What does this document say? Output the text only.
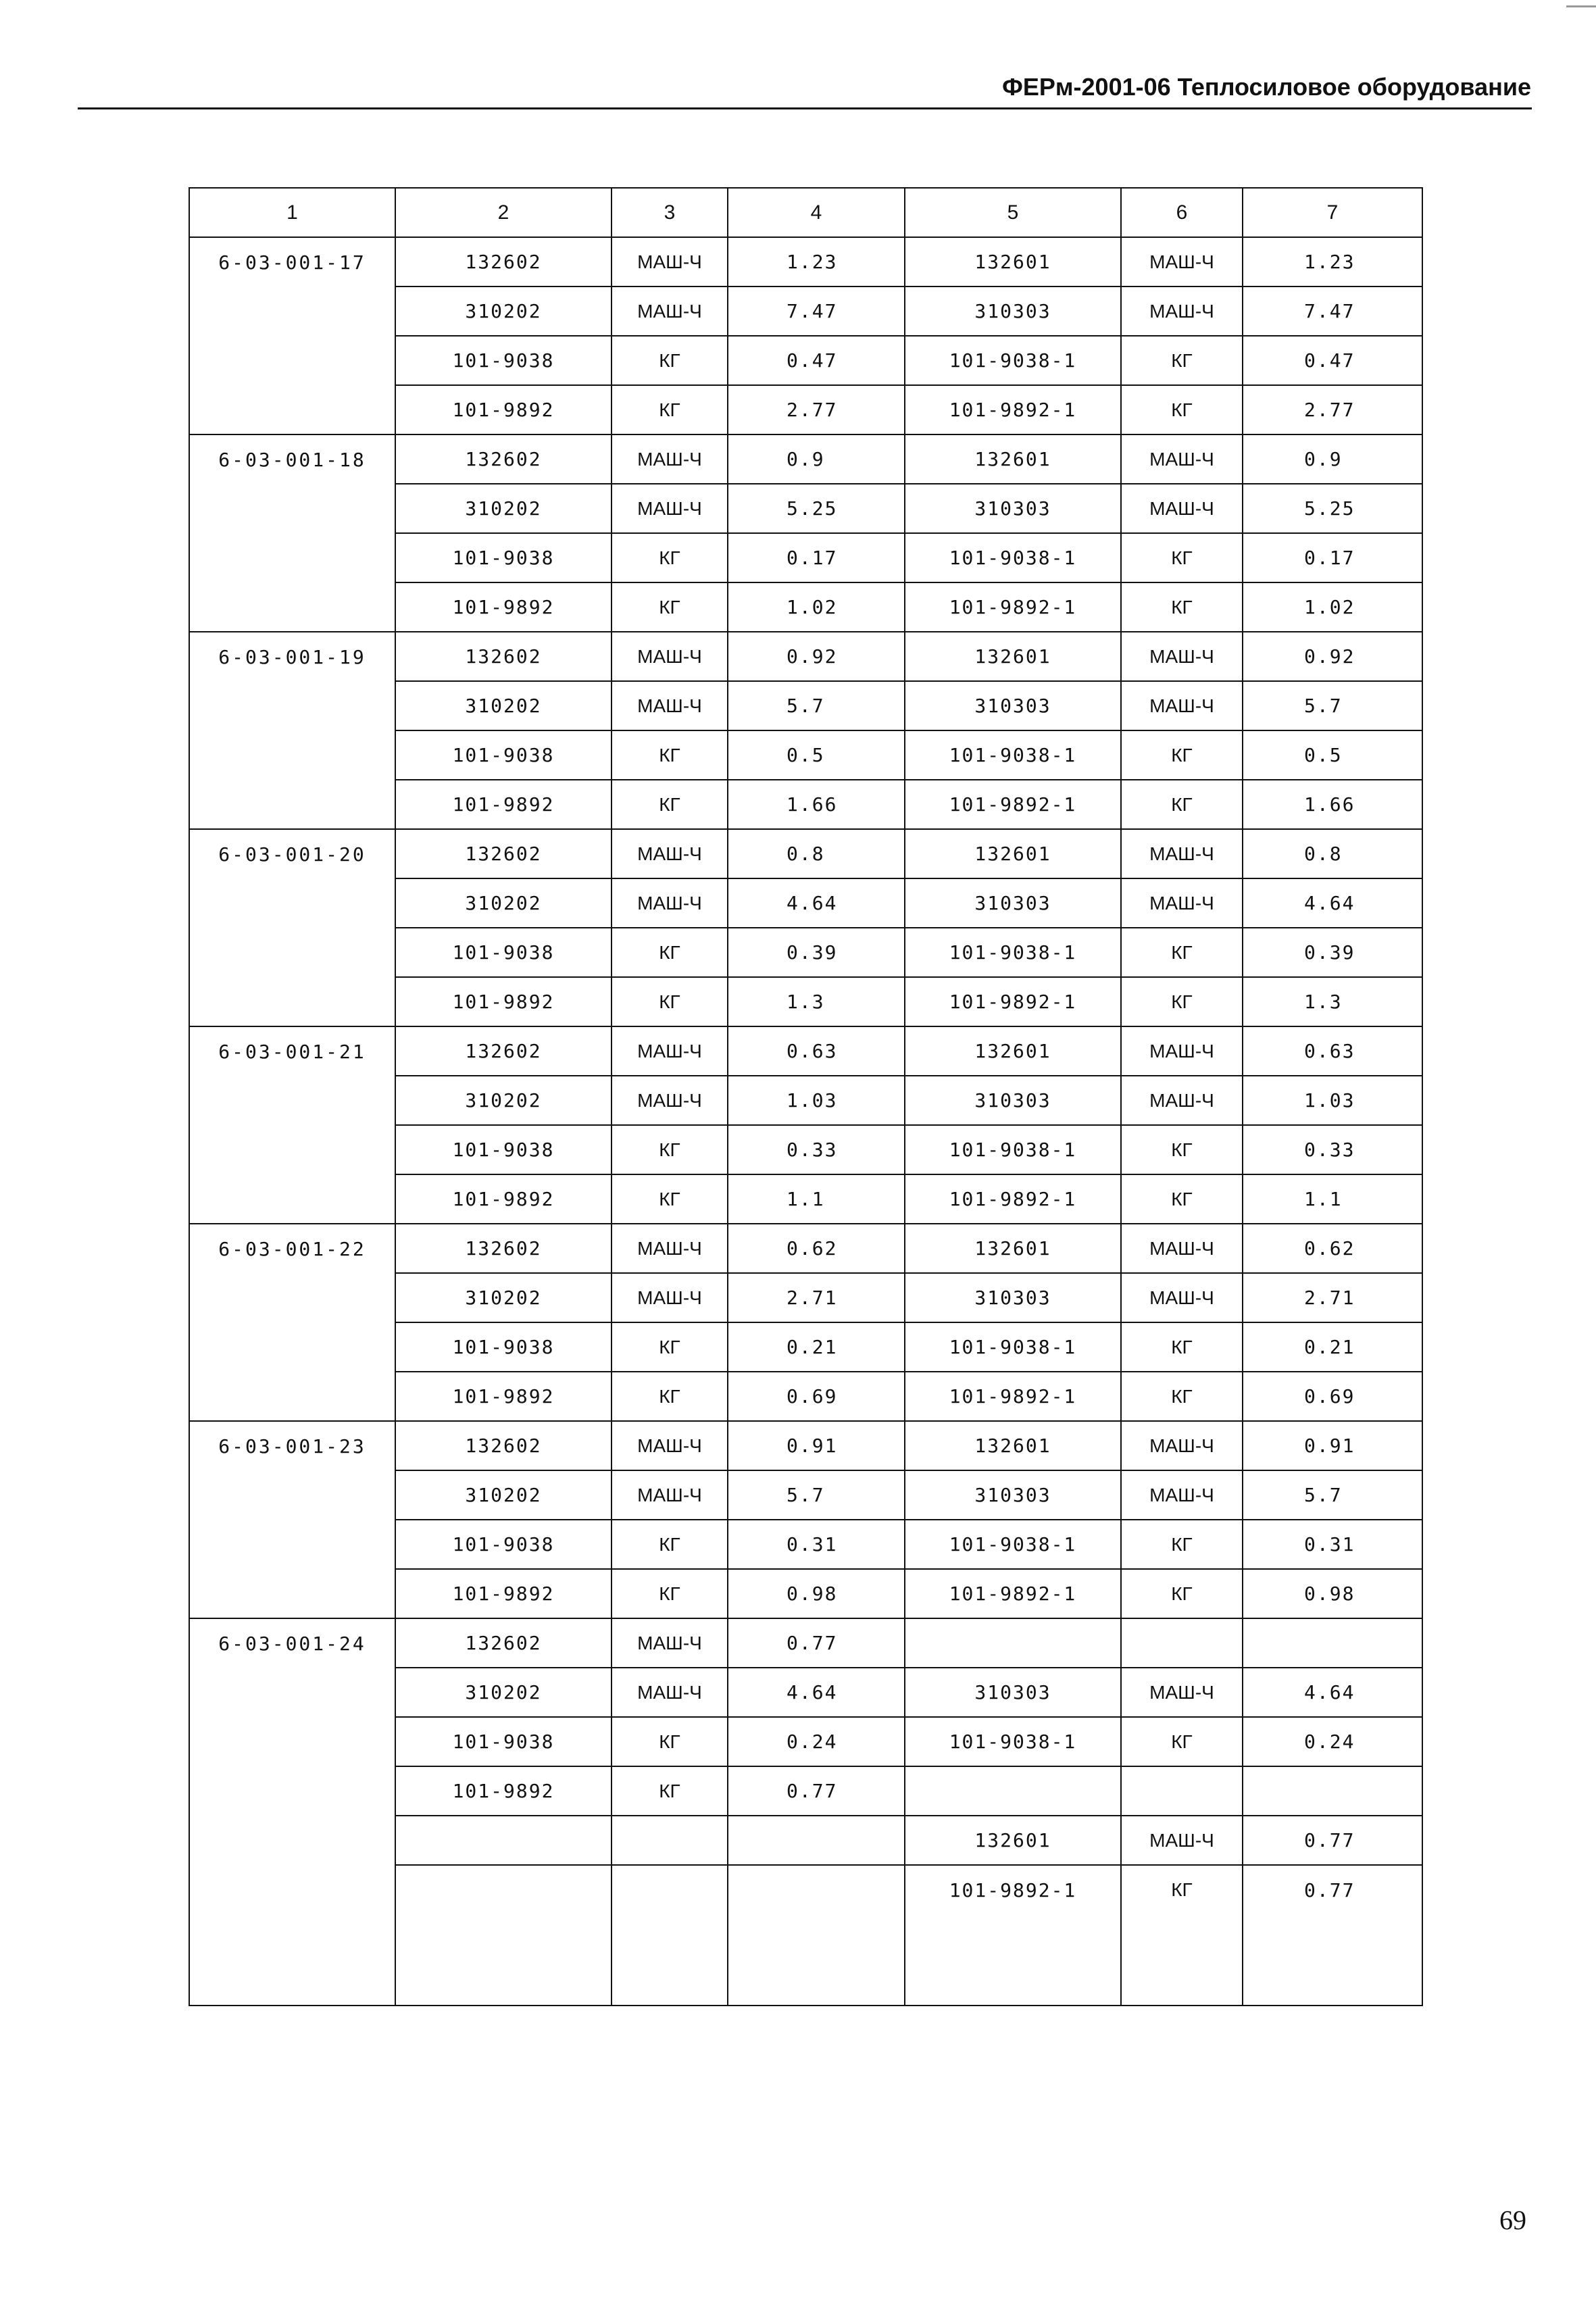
ФЕРм-2001-06 Теплосиловое оборудование
1	2	3	4	5	6	7
6-03-001-17	132602	МАШ-Ч	1.23	132601	МАШ-Ч	1.23
	310202	МАШ-Ч	7.47	310303	МАШ-Ч	7.47
	101-9038	КГ	0.47	101-9038-1	КГ	0.47
	101-9892	КГ	2.77	101-9892-1	КГ	2.77
6-03-001-18	132602	МАШ-Ч	0.9	132601	МАШ-Ч	0.9
	310202	МАШ-Ч	5.25	310303	МАШ-Ч	5.25
	101-9038	КГ	0.17	101-9038-1	КГ	0.17
	101-9892	КГ	1.02	101-9892-1	КГ	1.02
6-03-001-19	132602	МАШ-Ч	0.92	132601	МАШ-Ч	0.92
	310202	МАШ-Ч	5.7	310303	МАШ-Ч	5.7
	101-9038	КГ	0.5	101-9038-1	КГ	0.5
	101-9892	КГ	1.66	101-9892-1	КГ	1.66
6-03-001-20	132602	МАШ-Ч	0.8	132601	МАШ-Ч	0.8
	310202	МАШ-Ч	4.64	310303	МАШ-Ч	4.64
	101-9038	КГ	0.39	101-9038-1	КГ	0.39
	101-9892	КГ	1.3	101-9892-1	КГ	1.3
6-03-001-21	132602	МАШ-Ч	0.63	132601	МАШ-Ч	0.63
	310202	МАШ-Ч	1.03	310303	МАШ-Ч	1.03
	101-9038	КГ	0.33	101-9038-1	КГ	0.33
	101-9892	КГ	1.1	101-9892-1	КГ	1.1
6-03-001-22	132602	МАШ-Ч	0.62	132601	МАШ-Ч	0.62
	310202	МАШ-Ч	2.71	310303	МАШ-Ч	2.71
	101-9038	КГ	0.21	101-9038-1	КГ	0.21
	101-9892	КГ	0.69	101-9892-1	КГ	0.69
6-03-001-23	132602	МАШ-Ч	0.91	132601	МАШ-Ч	0.91
	310202	МАШ-Ч	5.7	310303	МАШ-Ч	5.7
	101-9038	КГ	0.31	101-9038-1	КГ	0.31
	101-9892	КГ	0.98	101-9892-1	КГ	0.98
6-03-001-24	132602	МАШ-Ч	0.77			
	310202	МАШ-Ч	4.64	310303	МАШ-Ч	4.64
	101-9038	КГ	0.24	101-9038-1	КГ	0.24
	101-9892	КГ	0.77			
				132601	МАШ-Ч	0.77
				101-9892-1	КГ	0.77
69
